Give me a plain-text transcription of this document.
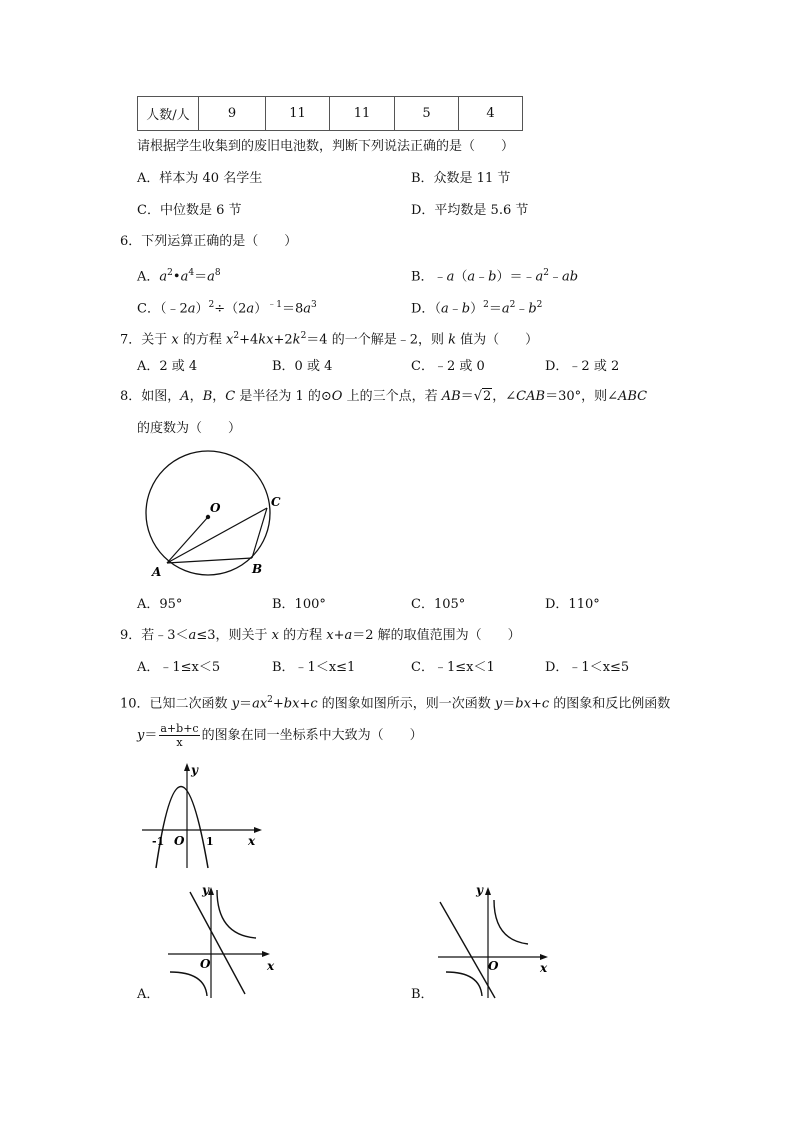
人数/人	9	11	11	5	4
请根据学生收集到的废旧电池数，判断下列说法正确的是（　　）
A．样本为 40 名学生	B．众数是 11 节
C．中位数是 6 节	D．平均数是 5.6 节
6．下列运算正确的是（　　）
A．$a^2•a^4=a^8$	B．$﹣a(a﹣b)=﹣a^2﹣ab$
C．$(﹣2a)^2\div(2a)^{﹣1}=8a^3$	D．$(a﹣b)^2=a^2﹣b^2$
7．关于 x 的方程 $x^2+4kx+2k^2=4$ 的一个解是﹣2，则 k 值为（　　）
A．2 或 4	B．0 或 4	C．﹣2 或 0	D．﹣2 或 2
8．如图，A，B，C 是半径为 1 的⊙O 上的三个点，若 AB＝√2，∠CAB＝30°，则∠ABC
的度数为（　　）
O
A	B
C
A．95°	B．100°	C．105°	D．110°
9．若﹣3＜a≤3，则关于 x 的方程 x+a＝2 解的取值范围为（　　）
A．﹣1≤x＜5	B．﹣1＜x≤1	C．﹣1≤x＜1	D．﹣1＜x≤5
10．已知二次函数 $y=ax^2+bx+c$ 的图象如图所示，则一次函数 y＝bx+c 的图象和反比例函数
$y= \frac{a+b+c}{x}$ 的图象在同一坐标系中大致为（　　）
y
x
O
-1	1
y
x
O
A．
y
x
O
B．
